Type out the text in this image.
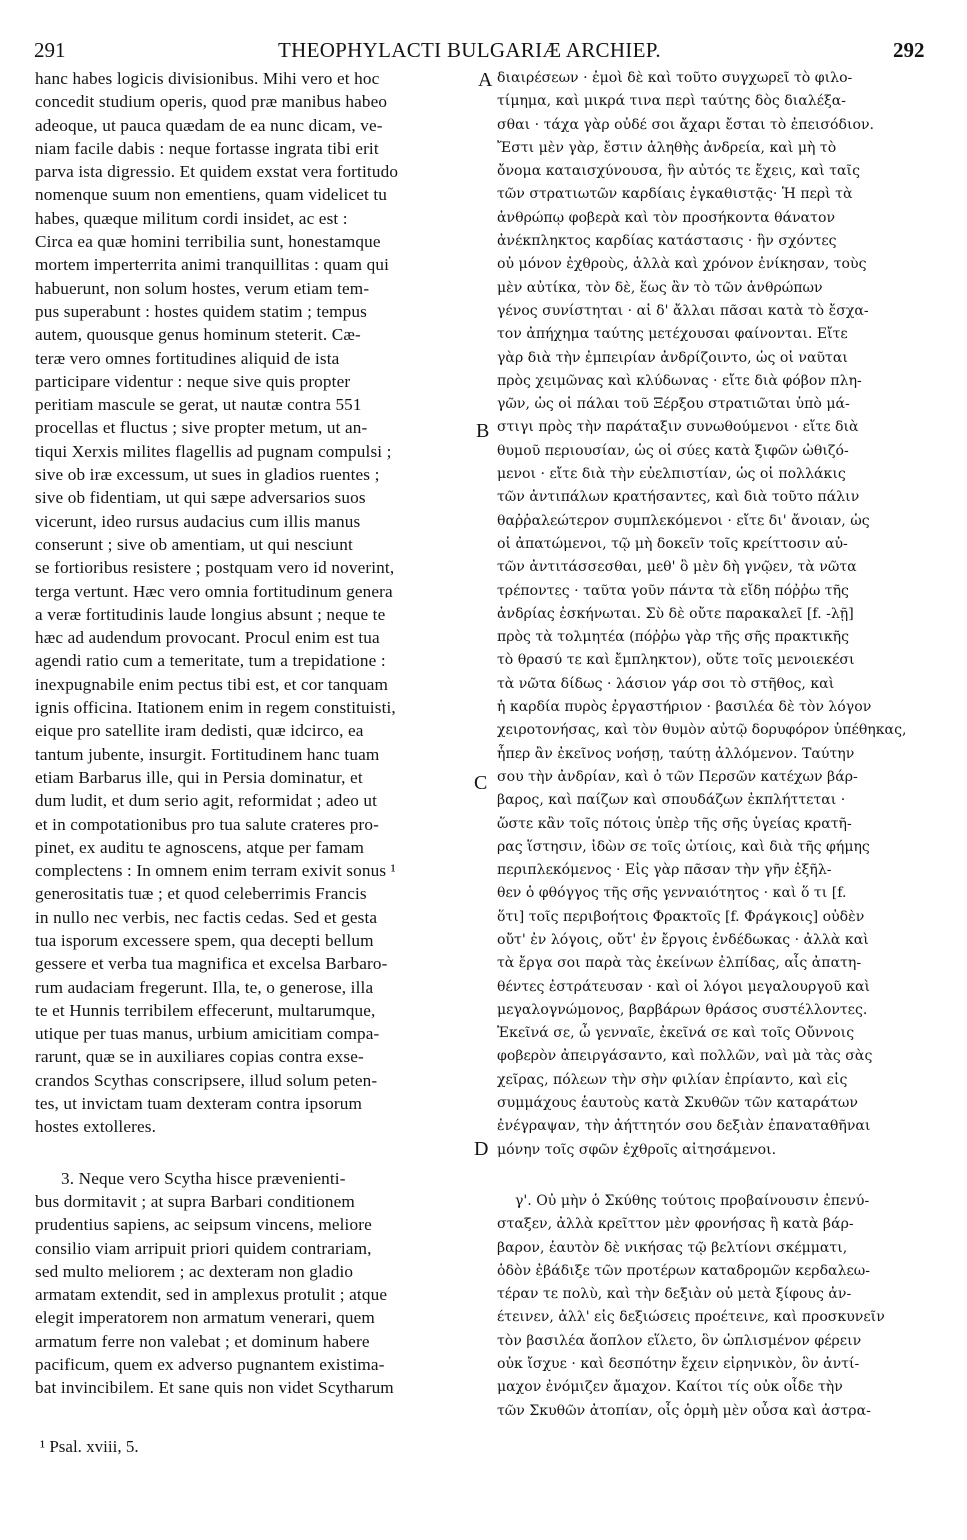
291	THEOPHYLACTI BULGARIÆ ARCHIEP.	292
hanc habes logicis divisionibus. Mihi vero et hoc
concedit studium operis, quod præ manibus habeo
adeoque, ut pauca quædam de ea nunc dicam, ve-
niam facile dabis : neque fortasse ingrata tibi erit
parva ista digressio. Et quidem exstat vera fortitudo
nomenque suum non ementiens, quam videlicet tu
habes, quæque militum cordi insidet, ac est :
Circa ea quæ homini terribilia sunt, honestamque
mortem imperterrita animi tranquillitas : quam qui
habuerunt, non solum hostes, verum etiam tem-
pus superabunt : hostes quidem statim ; tempus
autem, quousque genus hominum steterit. Cæ-
teræ vero omnes fortitudines aliquid de ista
participare videntur : neque sive quis propter
peritiam mascule se gerat, ut nautæ contra 551
procellas et fluctus ; sive propter metum, ut an-
tiqui Xerxis milites flagellis ad pugnam compulsi ;
sive ob iræ excessum, ut sues in gladios ruentes ;
sive ob fidentiam, ut qui sæpe adversarios suos
vicerunt, ideo rursus audacius cum illis manus
conserunt ; sive ob amentiam, ut qui nesciunt
se fortioribus resistere ; postquam vero id noverint,
terga vertunt. Hæc vero omnia fortitudinum genera
a veræ fortitudinis laude longius absunt ; neque te
hæc ad audendum provocant. Procul enim est tua
agendi ratio cum a temeritate, tum a trepidatione :
inexpugnabile enim pectus tibi est, et cor tanquam
ignis officina. Itationem enim in regem constituisti,
eique pro satellite iram dedisti, quæ idcirco, ea
tantum jubente, insurgit. Fortitudinem hanc tuam
etiam Barbarus ille, qui in Persia dominatur, et
dum ludit, et dum serio agit, reformidat ; adeo ut
et in compotationibus pro tua salute crateres pro-
pinet, ex auditu te agnoscens, atque per famam
complectens : In omnem enim terram exivit sonus ¹
generositatis tuæ ; et quod celeberrimis Francis
in nullo nec verbis, nec factis cedas. Sed et gesta
tua isporum excessere spem, qua decepti bellum
gessere et verba tua magnifica et excelsa Barbaro-
rum audaciam fregerunt. Illa, te, o generose, illa
te et Hunnis terribilem effecerunt, multarumque,
utique per tuas manus, urbium amicitiam compa-
rarunt, quæ se in auxiliares copias contra exse-
crandos Scythas conscripsere, illud solum peten-
tes, ut invictam tuam dexteram contra ipsorum
hostes extolleres.
3. Neque vero Scytha hisce prævenienti-
bus dormitavit ; at supra Barbari conditionem
prudentius sapiens, ac seipsum vincens, meliore
consilio viam arripuit priori quidem contrariam,
sed multo meliorem ; ac dexteram non gladio
armatam extendit, sed in amplexus protulit ; atque
elegit imperatorem non armatum venerari, quem
armatum ferre non valebat ; et dominum habere
pacificum, quem ex adverso pugnantem existima-
bat invincibilem. Et sane quis non videt Scytharum
διαιρέσεων · ἐμοὶ δὲ καὶ τοῦτο συγχωρεῖ τὸ φιλο-
τίμημα, καὶ μικρά τινα περὶ ταύτης δὸς διαλέξα-
σθαι · τάχα γὰρ οὐδέ σοι ἄχαρι ἔσται τὸ ἐπεισόδιον.
Ἔστι μὲν γὰρ, ἔστιν ἀληθὴς ἀνδρεία, καὶ μὴ τὸ
ὄνομα καταισχύνουσα, ἣν αὐτός τε ἔχεις, καὶ ταῖς
τῶν στρατιωτῶν καρδίαις ἐγκαθιστᾷς· Ἡ περὶ τὰ
ἀνθρώπῳ φοβερὰ καὶ τὸν προσήκοντα θάνατον
ἀνέκπληκτος καρδίας κατάστασις · ἣν σχόντες
οὐ μόνον ἐχθροὺς, ἀλλὰ καὶ χρόνον ἐνίκησαν, τοὺς
μὲν αὐτίκα, τὸν δὲ, ἕως ἂν τὸ τῶν ἀνθρώπων
γένος συνίστηται · αἱ δ' ἄλλαι πᾶσαι κατὰ τὸ ἔσχα-
τον ἀπήχημα ταύτης μετέχουσαι φαίνονται. Εἴτε
γὰρ διὰ τὴν ἐμπειρίαν ἀνδρίζοιντο, ὡς οἱ ναῦται
πρὸς χειμῶνας καὶ κλύδωνας · εἴτε διὰ φόβον πλη-
γῶν, ὡς οἱ πάλαι τοῦ Ξέρξου στρατιῶται ὑπὸ μά-
στιγι πρὸς τὴν παράταξιν συνωθούμενοι · εἴτε διὰ
θυμοῦ περιουσίαν, ὡς οἱ σύες κατὰ ξιφῶν ὠθιζό-
μενοι · εἴτε διὰ τὴν εὐελπιστίαν, ὡς οἱ πολλάκις
τῶν ἀντιπάλων κρατήσαντες, καὶ διὰ τοῦτο πάλιν
θαῤῥαλεώτερον συμπλεκόμενοι · εἴτε δι' ἄνοιαν, ὡς
οἱ ἀπατώμενοι, τῷ μὴ δοκεῖν τοῖς κρείττοσιν αὐ-
τῶν ἀντιτάσσεσθαι, μεθ' ὃ μὲν δὴ γνῷεν, τὰ νῶτα
τρέποντες · ταῦτα γοῦν πάντα τὰ εἴδη πόῤῥω τῆς
ἀνδρίας ἐσκήνωται. Σὺ δὲ οὔτε παρακαλεῖ [f. -λῇ]
πρὸς τὰ τολμητέα (πόῤῥω γὰρ τῆς σῆς πρακτικῆς
τὸ θρασύ τε καὶ ἔμπληκτον), οὔτε τοῖς μενοιεκέσι
τὰ νῶτα δίδως · λάσιον γάρ σοι τὸ στῆθος, καὶ
ἡ καρδία πυρὸς ἐργαστήριον · βασιλέα δὲ τὸν λόγον
χειροτονήσας, καὶ τὸν θυμὸν αὐτῷ δορυφόρον ὑπέθηκας,
ἧπερ ἂν ἐκεῖνος νοήσῃ, ταύτῃ ἀλλόμενον. Ταύτην
σου τὴν ἀνδρίαν, καὶ ὁ τῶν Περσῶν κατέχων βάρ-
βαρος, καὶ παίζων καὶ σπουδάζων ἐκπλήττεται ·
ὥστε κἂν τοῖς πότοις ὑπὲρ τῆς σῆς ὑγείας κρατῆ-
ρας ἵστησιν, ἰδὼν σε τοῖς ὠτίοις, καὶ διὰ τῆς φήμης
περιπλεκόμενος · Εἰς γὰρ πᾶσαν τὴν γῆν ἐξῆλ-
θεν ὁ φθόγγος τῆς σῆς γενναιότητος · καὶ ὅ τι [f.
ὅτι] τοῖς περιβοήτοις Φρακτοῖς [f. Φράγκοις] οὐδὲν
οὔτ' ἐν λόγοις, οὔτ' ἐν ἔργοις ἐνδέδωκας · ἀλλὰ καὶ
τὰ ἔργα σοι παρὰ τὰς ἐκείνων ἐλπίδας, αἷς ἀπατη-
θέντες ἐστράτευσαν · καὶ οἱ λόγοι μεγαλουργοῦ καὶ
μεγαλογνώμονος, βαρβάρων θράσος συστέλλοντες.
Ἐκεῖνά σε, ὦ γενναῖε, ἐκεῖνά σε καὶ τοῖς Οὔννοις
φοβερὸν ἀπειργάσαντο, καὶ πολλῶν, ναὶ μὰ τὰς σὰς
χεῖρας, πόλεων τὴν σὴν φιλίαν ἐπρίαντο, καὶ εἰς
συμμάχους ἑαυτοὺς κατὰ Σκυθῶν τῶν καταράτων
ἐνέγραψαν, τὴν ἀήττητόν σου δεξιὰν ἐπαναταθῆναι
μόνην τοῖς σφῶν ἐχθροῖς αἰτησάμενοι.
γ'. Οὐ μὴν ὁ Σκύθης τούτοις προβαίνουσιν ἐπενύ-
σταξεν, ἀλλὰ κρεῖττον μὲν φρονήσας ἢ κατὰ βάρ-
βαρον, ἑαυτὸν δὲ νικήσας τῷ βελτίονι σκέμματι,
ὁδὸν ἐβάδιξε τῶν προτέρων καταδρομῶν κερδαλεω-
τέραν τε πολὺ, καὶ τὴν δεξιὰν οὐ μετὰ ξίφους ἀν-
έτεινεν, ἀλλ' εἰς δεξιώσεις προέτεινε, καὶ προσκυνεῖν
τὸν βασιλέα ἄοπλον εἵλετο, ὃν ὡπλισμένον φέρειν
οὐκ ἴσχυε · καὶ δεσπότην ἔχειν εἰρηνικὸν, ὃν ἀντί-
μαχον ἐνόμιζεν ἄμαχον. Καίτοι τίς οὐκ οἶδε τὴν
τῶν Σκυθῶν ἀτοπίαν, οἷς ὁρμὴ μὲν οὖσα καὶ ἀστρα-
A
B
C
D
¹ Psal. xviii, 5.
